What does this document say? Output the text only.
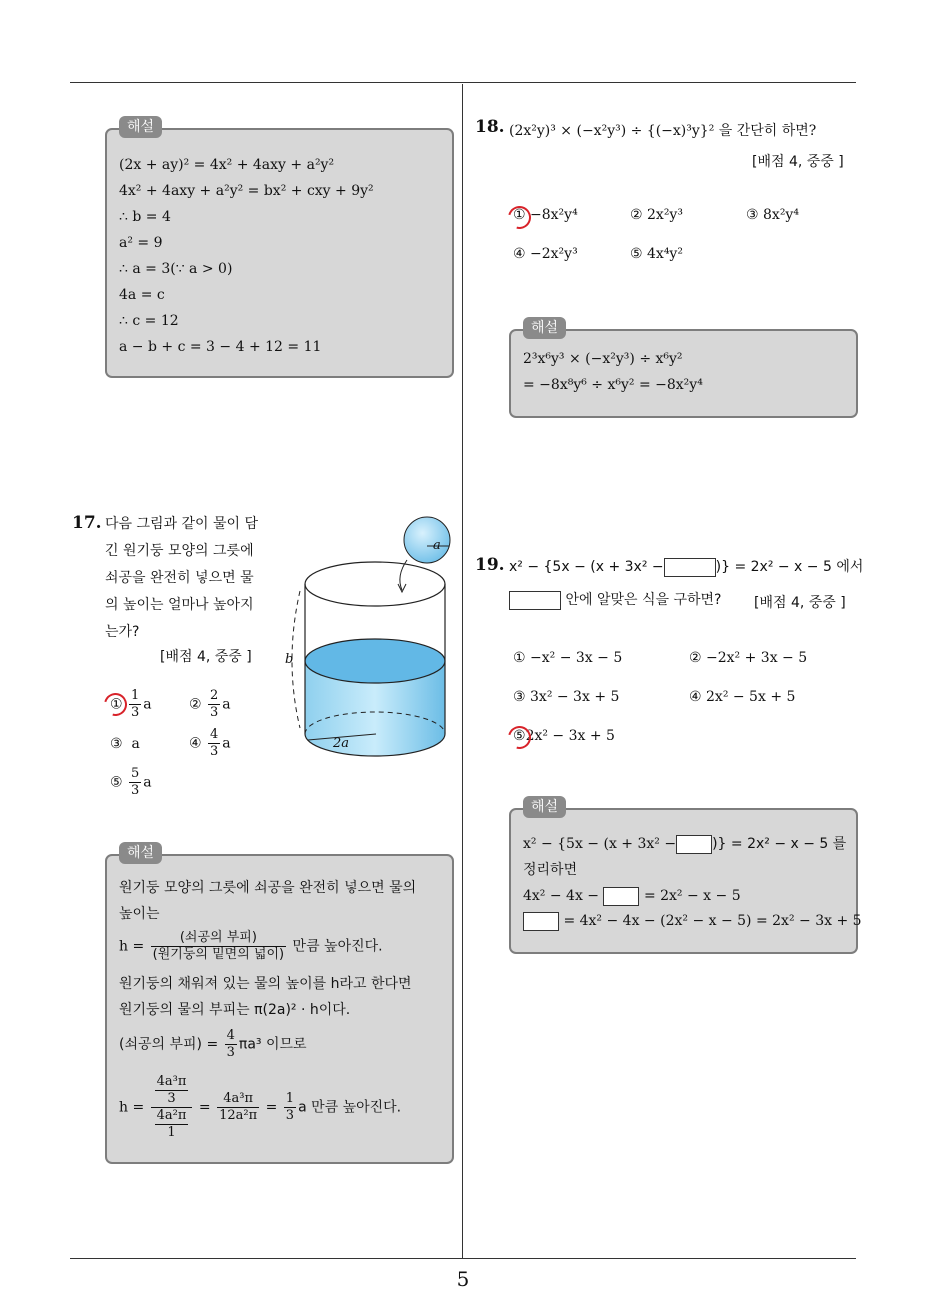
5
해설
(2x + ay)² = 4x² + 4axy + a²y²
4x² + 4axy + a²y² = bx² + cxy + 9y²
∴ b = 4
a² = 9
∴ a = 3(∵ a > 0)
4a = c
∴ c = 12
a − b + c = 3 − 4 + 12 = 11
17. 다음 그림과 같이 물이 담
긴 원기둥 모양의 그릇에
쇠공을 완전히 넣으면 물
의 높이는 얼마나 높아지
는가?
[배점 4, 중중 ]
① $\frac{1}{3}$ a	② $\frac{2}{3}$ a
③ a	④ $\frac{4}{3}$ a
⑤ $\frac{5}{3}$ a
a
b
2a
해설
원기둥 모양의 그릇에 쇠공을 완전히 넣으면 물의
높이는
$h = \frac{\text{(쇠공의 부피)}}{\text{(원기둥의 밑면의 넓이)}}$ 만큼 높아진다.
원기둥의 채워져 있는 물의 높이를 h라고 한다면
원기둥의 물의 부피는 π(2a)² · h이다.
(쇠공의 부피) = $\frac{4}{3} \pi a^3$ 이므로
$h = \frac{\frac{\text{4a³π}}{3}}{\frac{\text{4a²π}}{1}} = \frac{\text{4a³π}}{\text{12a²π}} = \frac{1}{3}$ a 만큼 높아진다.
18. (2x²y)³ × (−x²y³) ÷ {(−x)³y}² 을 간단히 하면?
[배점 4, 중중 ]
① −8x²y⁴	② 2x²y³	③ 8x²y⁴
④ −2x²y³	⑤ 4x⁴y²
해설
2³x⁶y³ × (−x²y³) ÷ x⁶y²
= −8x⁸y⁶ ÷ x⁶y² = −8x²y⁴
19. x² − {5x − (x + 3x² −	)} = 2x² − x − 5 에서
안에 알맞은 식을 구하면? [배점 4, 중중 ]
① −x² − 3x − 5	② −2x² + 3x − 5
③ 3x² − 3x + 5	④ 2x² − 5x + 5
⑤2x² − 3x + 5
해설
x² − {5x − (x + 3x² −	)} = 2x² − x − 5 를
정리하면
4x² − 4x −	= 2x² − x − 5
= 4x² − 4x − (2x² − x − 5) = 2x² − 3x + 5
